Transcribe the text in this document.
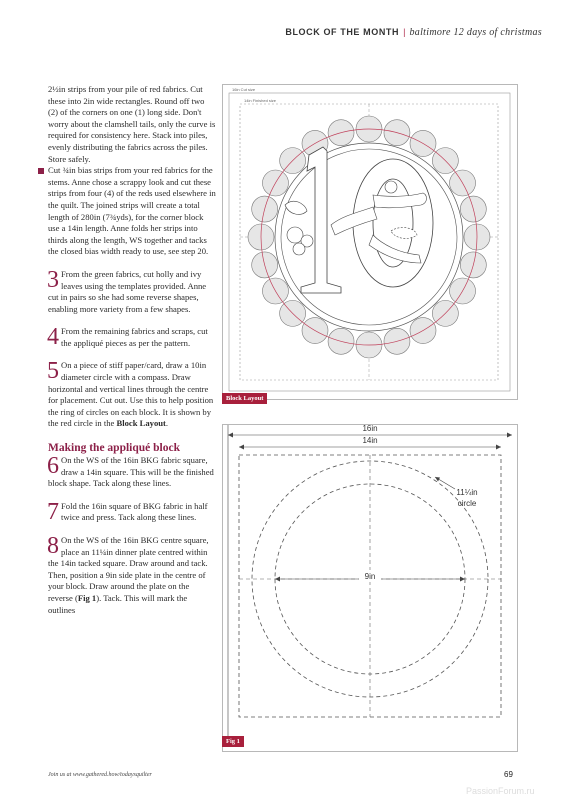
BLOCK OF THE MONTH | baltimore 12 days of christmas

2½in strips from your pile of red fabrics. Cut these into 2in wide rectangles. Round off two (2) of the corners on one (1) long side. Don't worry about the clamshell tails, only the curve is required for consistency here. Stack into piles, evenly distributing the fabrics across the piles. Store safely.

Cut ¾in bias strips from your red fabrics for the stems. Anne chose a scrappy look and cut these strips from four (4) of the reds used elsewhere in the quilt. The joined strips will create a total length of 280in (7¾yds), for the corner block use a 14in length. Anne folds her strips into thirds along the length, WS together and tacks the closed bias width ready to use, see step 20.

3 From the green fabrics, cut holly and ivy leaves using the templates provided. Anne cut in pairs so she had some reverse shapes, enabling more variety from a few shapes.

4 From the remaining fabrics and scraps, cut the appliqué pieces as per the pattern.

5 On a piece of stiff paper/card, draw a 10in diameter circle with a compass. Draw horizontal and vertical lines through the centre for placement. Cut out. Use this to help position the ring of circles on each block. It is shown by the red circle in the Block Layout.

Making the appliqué block
6 On the WS of the 16in BKG fabric square, draw a 14in square. This will be the finished block shape. Tack along these lines.

7 Fold the 16in square of BKG fabric in half twice and press. Tack along these lines.

8 On the WS of the 16in BKG centre square, place an 11¼in dinner plate centred within the 14in tacked square. Draw around and tack. Then, position a 9in side plate in the centre of your block. Draw around the plate on the reverse (Fig 1). Tack. This will mark the outlines

16in Cut size
14in Finished size
Block Layout
16in
14in
9in
11¼in
circle
Fig 1
Join us at www.gathered.how/todaysquilter	69
PassionForum.ru
